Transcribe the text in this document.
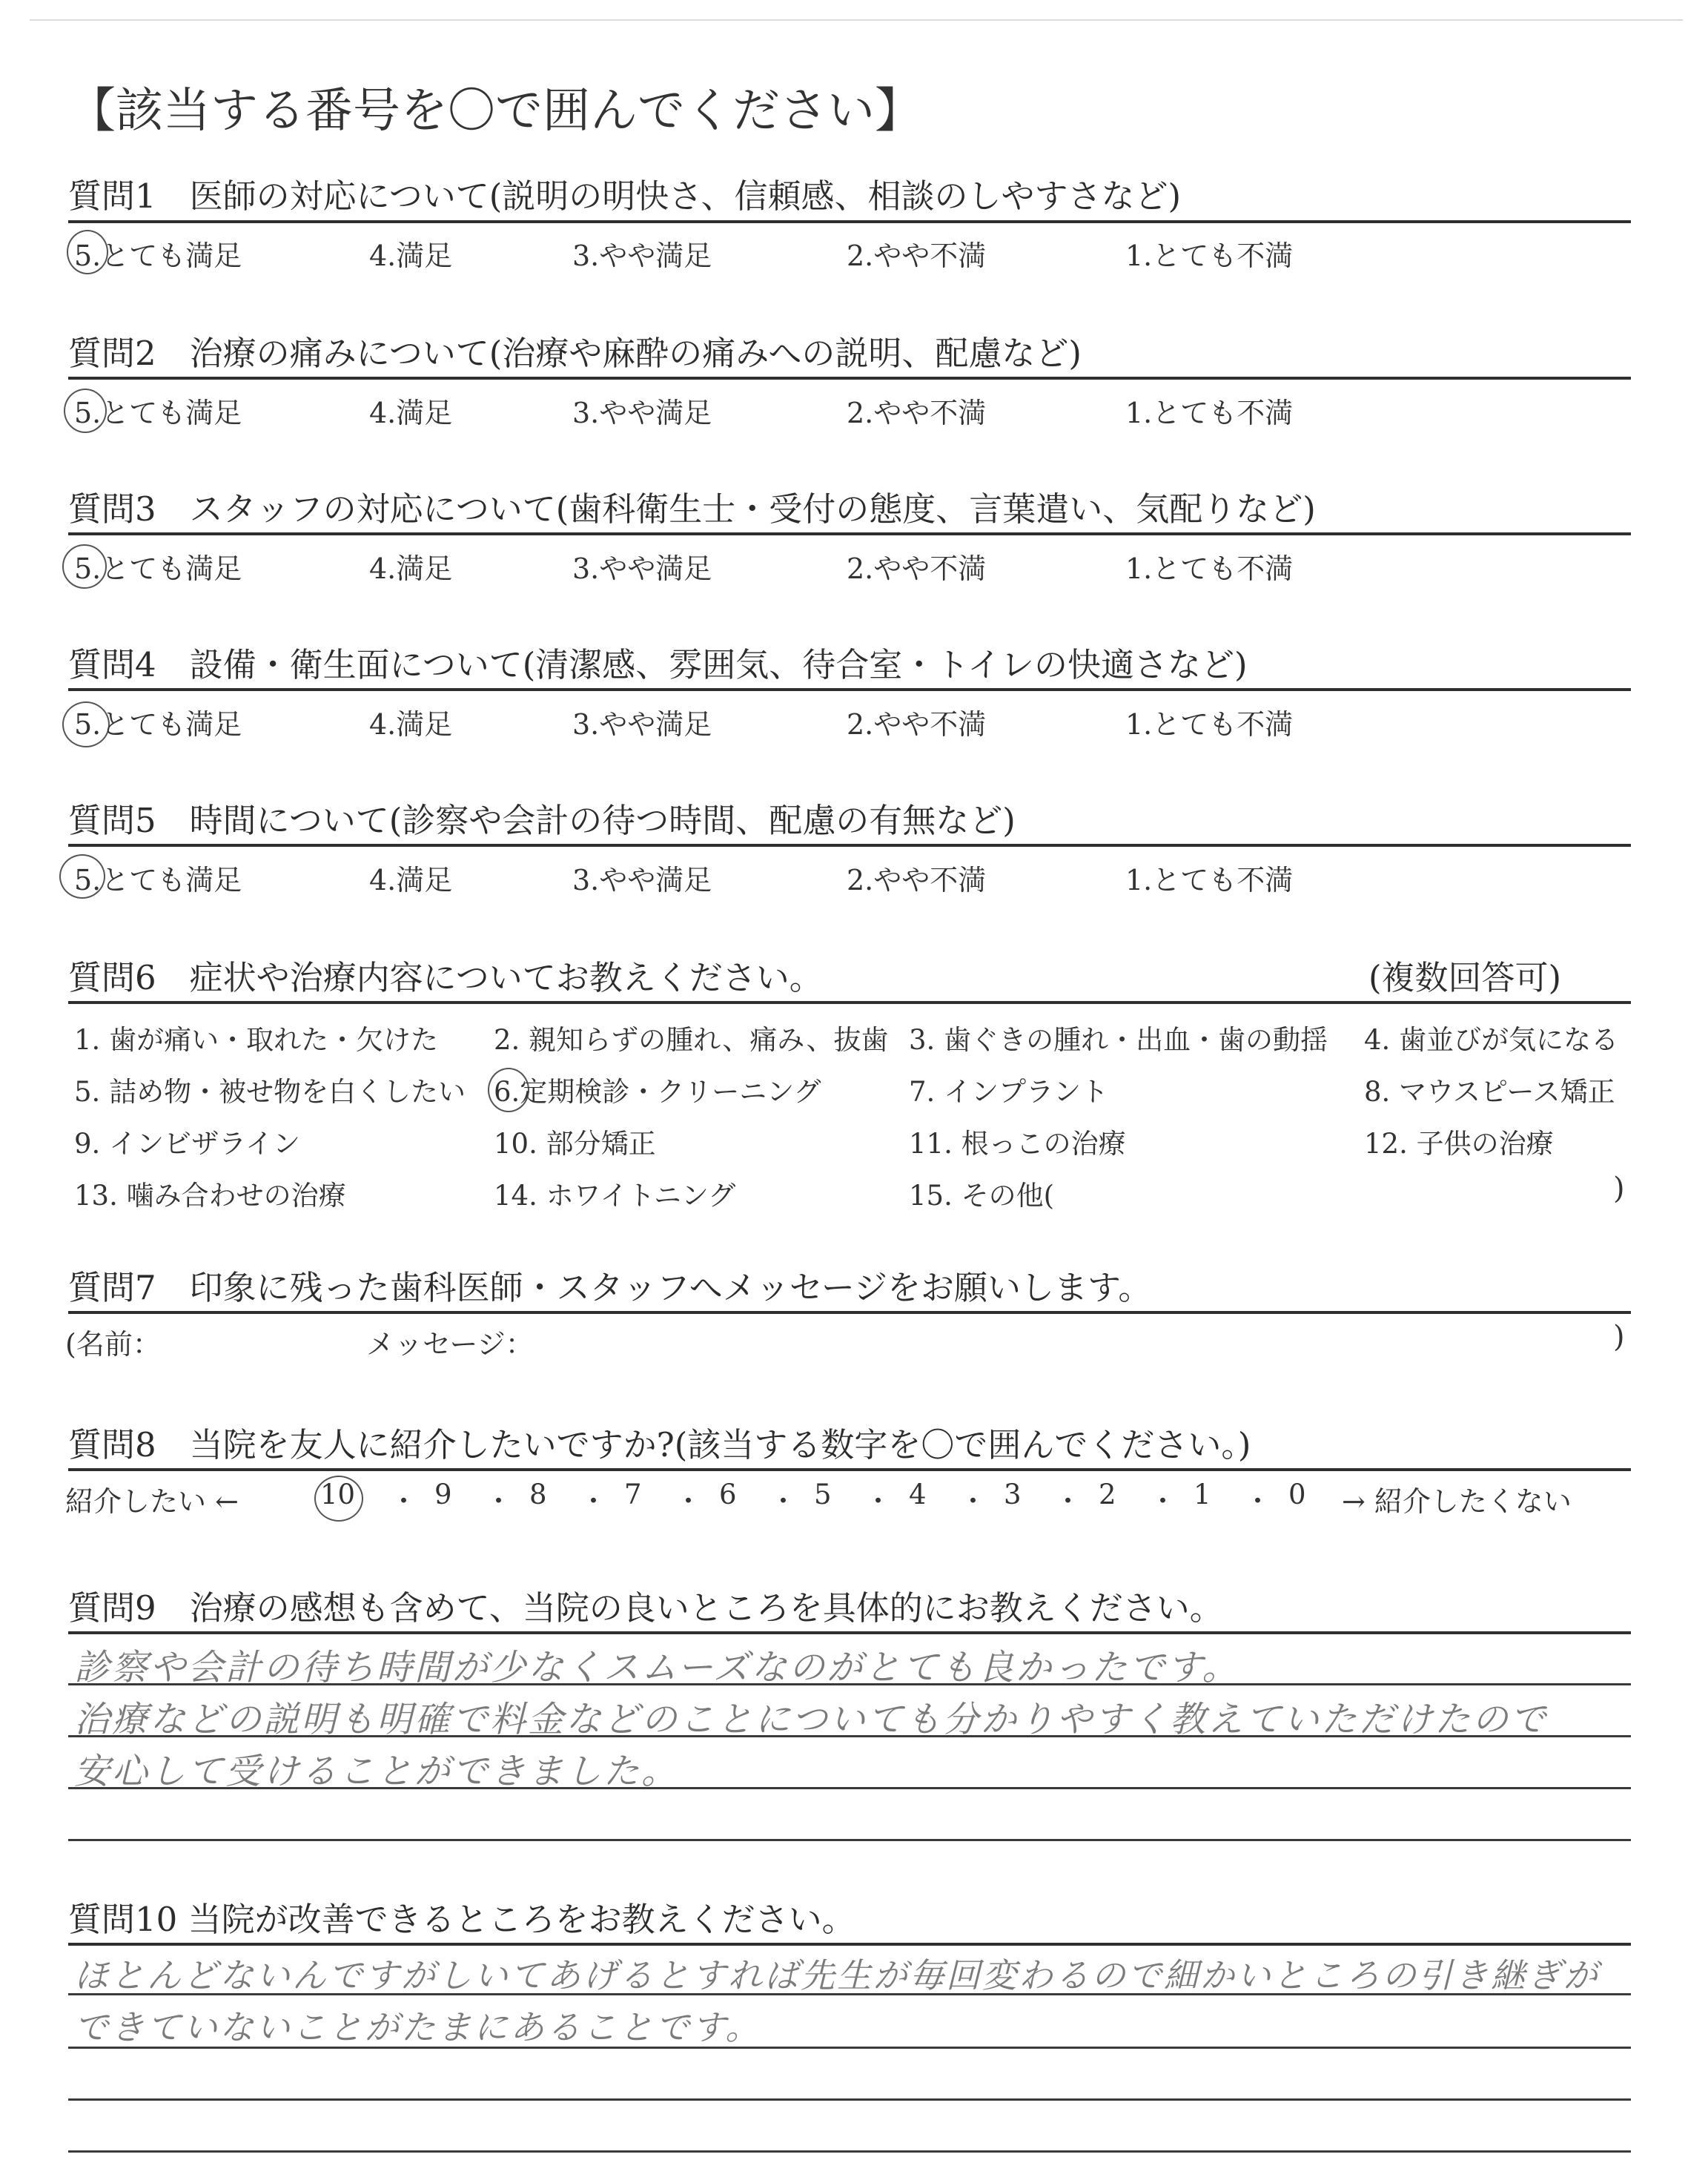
【該当する番号を〇で囲んでください】
質問1　医師の対応について(説明の明快さ、信頼感、相談のしやすさなど)
5.とても満足	4.満足	3.やや満足	2.やや不満	1.とても不満
質問2　治療の痛みについて(治療や麻酔の痛みへの説明、配慮など)
5.とても満足	4.満足	3.やや満足	2.やや不満	1.とても不満
質問3　スタッフの対応について(歯科衛生士・受付の態度、言葉遣い、気配りなど)
5.とても満足	4.満足	3.やや満足	2.やや不満	1.とても不満
質問4　設備・衛生面について(清潔感、雰囲気、待合室・トイレの快適さなど)
5.とても満足	4.満足	3.やや満足	2.やや不満	1.とても不満
質問5　時間について(診察や会計の待つ時間、配慮の有無など)
5.とても満足	4.満足	3.やや満足	2.やや不満	1.とても不満
質問6　症状や治療内容についてお教えください。	(複数回答可)
1. 歯が痛い・取れた・欠けた 2. 親知らずの腫れ、痛み、抜歯 3. 歯ぐきの腫れ・出血・歯の動揺 4. 歯並びが気になる
5. 詰め物・被せ物を白くしたい 6.定期検診・クリーニング	7. インプラント	8. マウスピース矯正
9. インビザライン	10. 部分矯正	11. 根っこの治療	12. 子供の治療
13. 噛み合わせの治療	14. ホワイトニング	15. その他(	)
質問7　印象に残った歯科医師・スタッフへメッセージをお願いします。
(名前：	メッセージ：	)
質問8　当院を友人に紹介したいですか?(該当する数字を〇で囲んでください。)
紹介したい ←	10 ・ 9 ・ 8 ・ 7 ・ 6 ・ 5 ・ 4 ・ 3 ・ 2 ・ 1 ・ 0 → 紹介したくない
質問9　治療の感想も含めて、当院の良いところを具体的にお教えください。
診察や会計の待ち時間が少なくスムーズなのがとても良かったです。
治療などの説明も明確で料金などのことについても分かりやすく教えていただけたので
安心して受けることができました。
質問10 当院が改善できるところをお教えください。
ほとんどないんですがしいてあげるとすれば先生が毎回変わるので細かいところの引き継ぎが
できていないことがたまにあることです。
